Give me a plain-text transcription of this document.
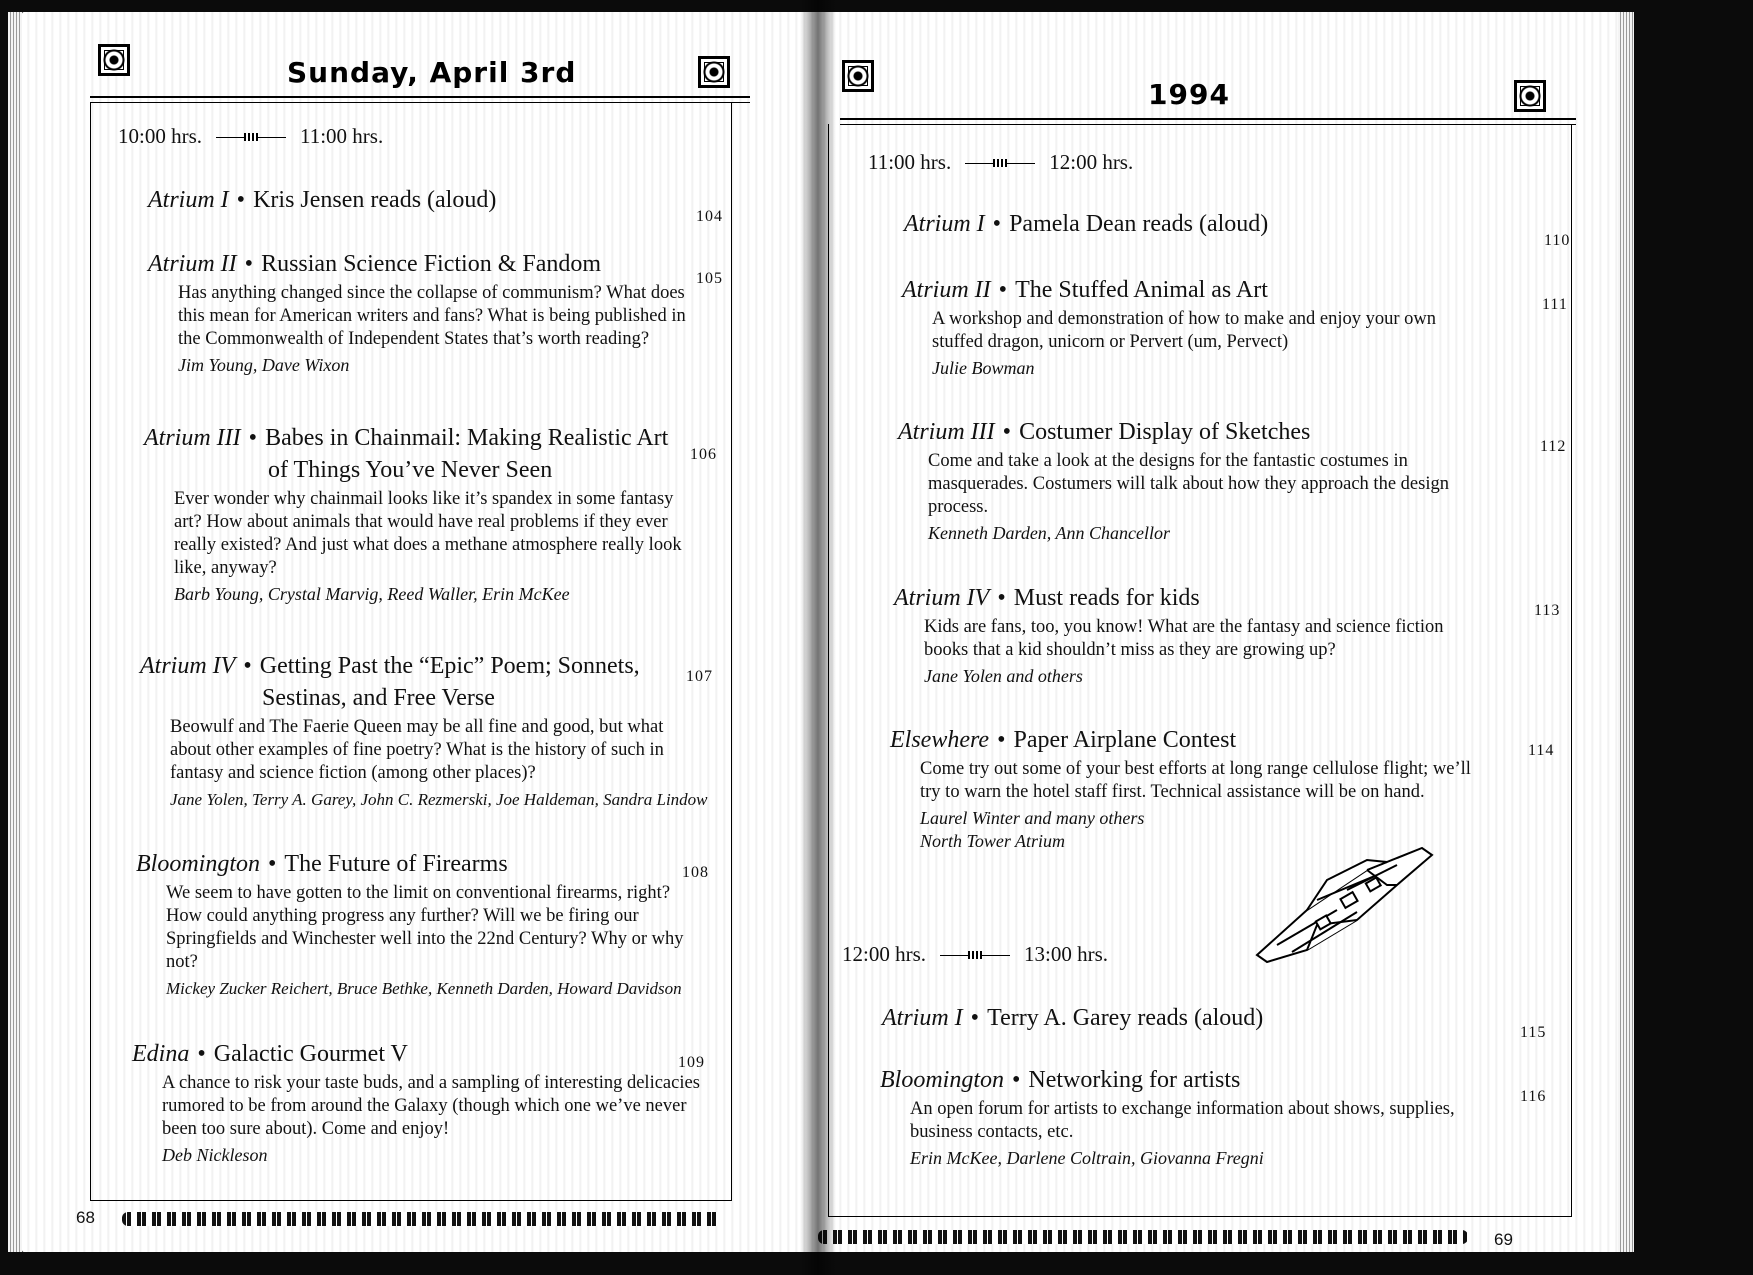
Sunday, April 3rd
10:00 hrs.	11:00 hrs.
Atrium I • Kris Jensen reads (aloud)
104
Atrium II • Russian Science Fiction & Fandom
Has anything changed since the collapse of communism? What does this mean for American writers and fans? What is being published in the Commonwealth of Independent States that’s worth reading?
Jim Young, Dave Wixon
105
Atrium III • Babes in Chainmail: Making Realistic Art
of Things You’ve Never Seen
Ever wonder why chainmail looks like it’s spandex in some fantasy art? How about animals that would have real problems if they ever really existed? And just what does a methane atmosphere really look like, anyway?
Barb Young, Crystal Marvig, Reed Waller, Erin McKee
106
Atrium IV • Getting Past the “Epic” Poem; Sonnets,
Sestinas, and Free Verse
Beowulf and The Faerie Queen may be all fine and good, but what about other examples of fine poetry? What is the history of such in fantasy and science fiction (among other places)?
Jane Yolen, Terry A. Garey, John C. Rezmerski, Joe Haldeman, Sandra Lindow
107
Bloomington • The Future of Firearms
We seem to have gotten to the limit on conventional firearms, right? How could anything progress any further? Will we be firing our Springfields and Winchester well into the 22nd Century? Why or why not?
Mickey Zucker Reichert, Bruce Bethke, Kenneth Darden, Howard Davidson
108
Edina • Galactic Gourmet V
A chance to risk your taste buds, and a sampling of interesting delicacies rumored to be from around the Galaxy (though which one we’ve never been too sure about). Come and enjoy!
Deb Nickleson
109
68
1994
11:00 hrs.	12:00 hrs.
Atrium I • Pamela Dean reads (aloud)
110
Atrium II • The Stuffed Animal as Art
A workshop and demonstration of how to make and enjoy your own stuffed dragon, unicorn or Pervert (um, Pervect)
Julie Bowman
111
Atrium III • Costumer Display of Sketches
Come and take a look at the designs for the fantastic costumes in masquerades. Costumers will talk about how they approach the design process.
Kenneth Darden, Ann Chancellor
112
Atrium IV • Must reads for kids
Kids are fans, too, you know! What are the fantasy and science fiction books that a kid shouldn’t miss as they are growing up?
Jane Yolen and others
113
Elsewhere • Paper Airplane Contest
Come try out some of your best efforts at long range cellulose flight; we’ll try to warn the hotel staff first. Technical assistance will be on hand.
Laurel Winter and many others
North Tower Atrium
114
12:00 hrs.	13:00 hrs.
Atrium I • Terry A. Garey reads (aloud)
115
Bloomington • Networking for artists
An open forum for artists to exchange information about shows, supplies, business contacts, etc.
Erin McKee, Darlene Coltrain, Giovanna Fregni
116
69
